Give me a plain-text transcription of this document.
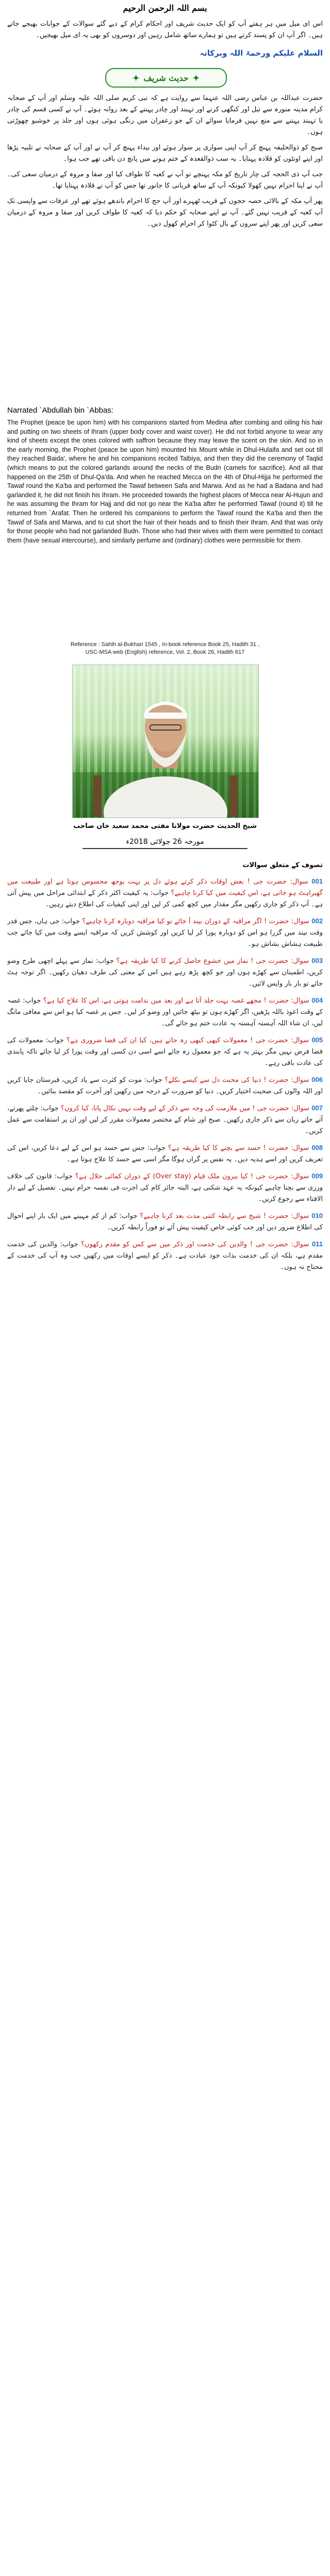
بسم اللہ الرحمن الرحیم
اس ای میل میں ہر ہفتے آپ کو ایک حدیث شریف اور احکام کرام کے دیے گئے سوالات کے جوابات بھیجے جاتے ہیں۔ اگر آپ ان کو پسند کرتے ہیں تو ہمارے ساتھ شامل رہیں اور دوسروں کو بھی یہ ای میل بھیجیں۔
السلام علیکم ورحمۃ اللہ وبرکاتہ
✦ حدیث شریف ✦

حضرت عبداللہ بن عباس رضی اللہ عنہما سے روایت ہے کہ نبی کریم صلی اللہ علیہ وسلم اور آپ کے صحابہ کرام مدینہ منورہ سے تیل اور کنگھی کرنے اور تہبند اور چادر پہننے کے بعد روانہ ہوئے۔ آپ نے کسی قسم کی چادر یا تہبند پہننے سے منع نہیں فرمایا سوائے ان کے جو زعفران میں رنگی ہوئی ہوں اور جلد پر خوشبو چھوڑتی ہوں۔

صبح کو ذوالحلیفہ پہنچ کر آپ اپنی سواری پر سوار ہوئے اور بیداء پہنچ کر آپ نے اور آپ کے صحابہ نے تلبیہ پڑھا اور اپنے اونٹوں کو قلادہ پہنایا۔ یہ سب ذوالقعدہ کے ختم ہونے میں پانچ دن باقی تھے جب ہوا۔

جب آپ ذی الحجہ کی چار تاریخ کو مکہ پہنچے تو آپ نے کعبہ کا طواف کیا اور صفا و مروہ کے درمیان سعی کی۔ آپ نے اپنا احرام نہیں کھولا کیونکہ آپ کے ساتھ قربانی کا جانور تھا جس کو آپ نے قلادہ پہنایا تھا۔

پھر آپ مکہ کے بالائی حصہ حجون کے قریب ٹھہرے اور آپ حج کا احرام باندھے ہوئے تھے اور عرفات سے واپسی تک آپ کعبہ کے قریب نہیں گئے۔ آپ نے اپنے صحابہ کو حکم دیا کہ کعبہ کا طواف کریں اور صفا و مروہ کے درمیان سعی کریں اور پھر اپنے سروں کے بال کٹوا کر احرام کھول دیں۔

Narrated `Abdullah bin `Abbas:
The Prophet (peace be upon him) with his companions started from Medina after combing and oiling his hair and putting on two sheets of Ihram (upper body cover and waist cover). He did not forbid anyone to wear any kind of sheets except the ones colored with saffron because they may leave the scent on the skin. And so in the early morning, the Prophet (peace be upon him) mounted his Mount while in Dhul-Hulaifa and set out till they reached Baida', where he and his companions recited Talbiya, and then they did the ceremony of Taqlid (which means to put the colored garlands around the necks of the Budn (camels for sacrifice). And all that happened on the 25th of Dhul-Qa'da. And when he reached Mecca on the 4th of Dhul-Hijja he performed the Tawaf round the Ka'ba and performed the Tawaf between Safa and Marwa. And as he had a Badana and had garlanded it, he did not finish his Ihram. He proceeded towards the highest places of Mecca near Al-Hujun and he was assuming the Ihram for Hajj and did not go near the Ka'ba after he performed Tawaf (round it) till he returned from `Arafat. Then he ordered his companions to perform the Tawaf round the Ka'ba and then the Tawaf of Safa and Marwa, and to cut short the hair of their heads and to finish their Ihram. And that was only for those people who had not garlanded Budn. Those who had their wives with them were permitted to contact them (have sexual intercourse), and similarly perfume and (ordinary) clothes were permissible for them.
Reference : Sahih al-Bukhari 1545 , In-book reference Book 25, Hadith 31 ,
USC-MSA web (English) reference, Vol. 2, Book 26, Hadith 617
شیخ الحدیث حضرت مولانا مفتی محمد سعید خان صاحب
مورخہ 26 جولائی 2018ء
تصوف کے متعلق سوالات
001 سوال: حضرت جی ! بعض اوقات ذکر کرتے ہوئے دل پر بہت بوجھ محسوس ہوتا ہے اور طبیعت میں گھبراہٹ ہو جاتی ہے، اس کیفیت میں کیا کرنا چاہیے؟ جواب: یہ کیفیت اکثر ذکر کے ابتدائی مراحل میں پیش آتی ہے۔ آپ ذکر کو جاری رکھیں مگر مقدار میں کچھ کمی کر لیں اور اپنی کیفیات کی اطلاع دیتے رہیں۔
002 سوال: حضرت ! اگر مراقبہ کے دوران نیند آ جائے تو کیا مراقبہ دوبارہ کرنا چاہیے؟ جواب: جی ہاں، جس قدر وقت نیند میں گزرا ہو اس کو دوبارہ پورا کر لیا کریں اور کوشش کریں کہ مراقبہ ایسے وقت میں کیا جائے جب طبیعت ہشاش بشاش ہو۔
003 سوال: حضرت جی ! نماز میں خشوع حاصل کرنے کا کیا طریقہ ہے؟ جواب: نماز سے پہلے اچھی طرح وضو کریں، اطمینان سے کھڑے ہوں اور جو کچھ پڑھ رہے ہیں اس کے معنی کی طرف دھیان رکھیں۔ اگر توجہ ہٹ جائے تو بار بار واپس لائیں۔
004 سوال: حضرت ! مجھے غصہ بہت جلد آتا ہے اور بعد میں ندامت ہوتی ہے، اس کا علاج کیا ہے؟ جواب: غصہ کے وقت اعوذ باللہ پڑھیں، اگر کھڑے ہوں تو بیٹھ جائیں اور وضو کر لیں۔ جس پر غصہ کیا ہو اس سے معافی مانگ لیں، ان شاء اللہ آہستہ آہستہ یہ عادت ختم ہو جائے گی۔
005 سوال: حضرت جی ! معمولات کبھی کبھی رہ جاتے ہیں، کیا ان کی قضا ضروری ہے؟ جواب: معمولات کی قضا فرض نہیں مگر بہتر یہ ہے کہ جو معمول رہ جائے اسے اسی دن کسی اور وقت پورا کر لیا جائے تاکہ پابندی کی عادت باقی رہے۔
006 سوال: حضرت ! دنیا کی محبت دل سے کیسے نکلے؟ جواب: موت کو کثرت سے یاد کریں، قبرستان جایا کریں اور اللہ والوں کی صحبت اختیار کریں۔ دنیا کو ضرورت کے درجہ میں رکھیں اور آخرت کو مقصد بنائیں۔
007 سوال: حضرت جی ! میں ملازمت کی وجہ سے ذکر کے لیے وقت نہیں نکال پاتا، کیا کروں؟ جواب: چلتے پھرتے، آتے جاتے زبان سے ذکر جاری رکھیں۔ صبح اور شام کے مختصر معمولات مقرر کر لیں اور ان پر استقامت سے عمل کریں۔
008 سوال: حضرت ! حسد سے بچنے کا کیا طریقہ ہے؟ جواب: جس سے حسد ہو اس کے لیے دعا کریں، اس کی تعریف کریں اور اسے ہدیہ دیں۔ یہ نفس پر گراں ہوگا مگر اسی سے حسد کا علاج ہوتا ہے۔
009 سوال: حضرت جی ! کیا بیرون ملک قیام (Over stay) کے دوران کمائی حلال ہے؟ جواب: قانون کی خلاف ورزی سے بچنا چاہیے کیونکہ یہ عہد شکنی ہے، البتہ جائز کام کی اجرت فی نفسہ حرام نہیں۔ تفصیل کے لیے دار الافتاء سے رجوع کریں۔
010 سوال: حضرت ! شیخ سے رابطہ کتنی مدت بعد کرنا چاہیے؟ جواب: کم از کم مہینے میں ایک بار اپنے احوال کی اطلاع ضرور دیں اور جب کوئی خاص کیفیت پیش آئے تو فوراً رابطہ کریں۔
011 سوال: حضرت جی ! والدین کی خدمت اور ذکر میں سے کس کو مقدم رکھوں؟ جواب: والدین کی خدمت مقدم ہے، بلکہ ان کی خدمت بذات خود عبادت ہے۔ ذکر کو ایسے اوقات میں رکھیں جب وہ آپ کی خدمت کے محتاج نہ ہوں۔
